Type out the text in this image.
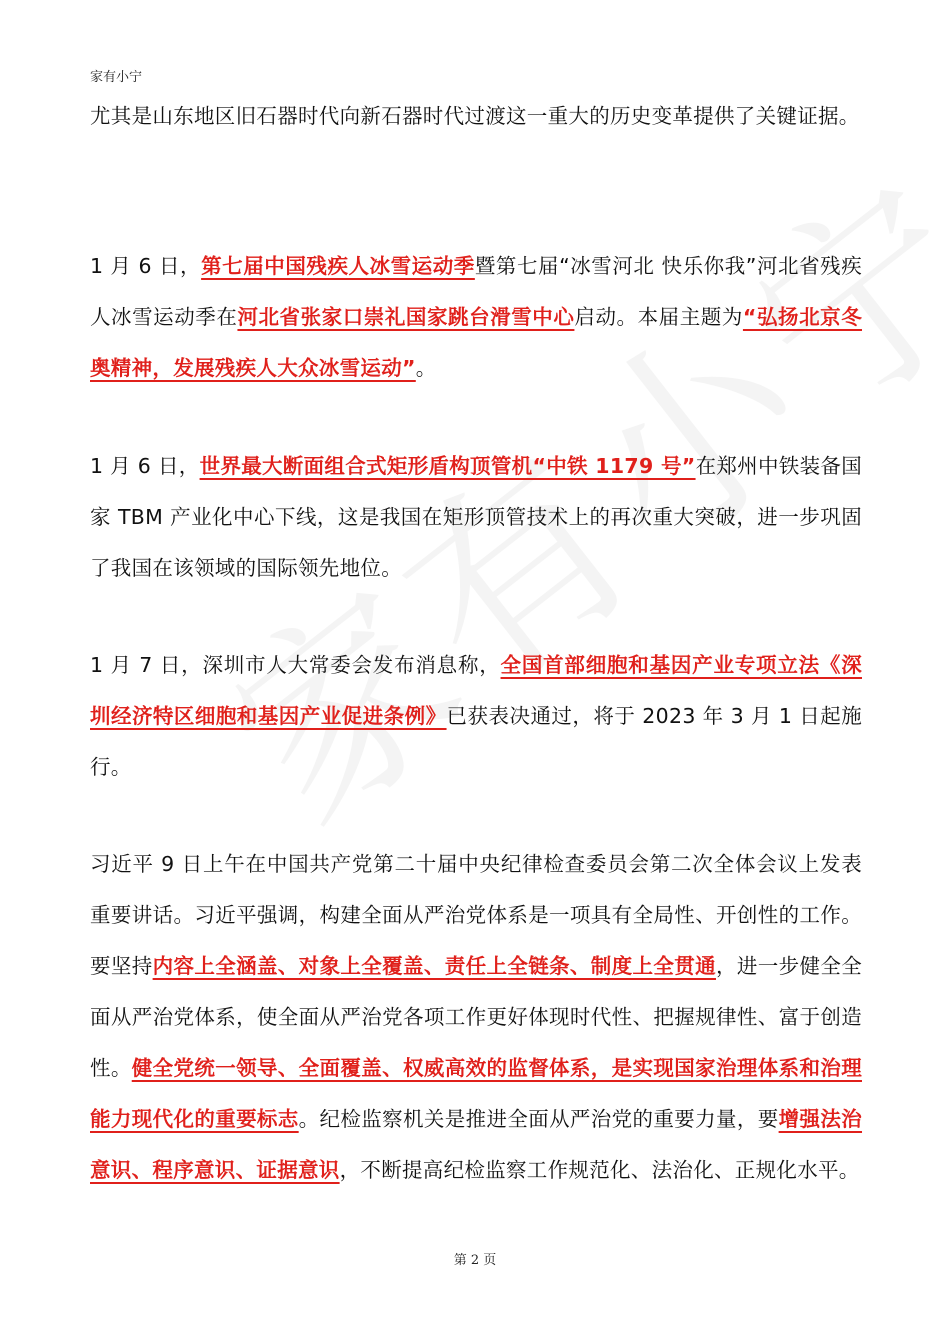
家有小宁

尤其是山东地区旧石器时代向新石器时代过渡这一重大的历史变革提供了关键证据。

1 月 6 日，第七届中国残疾人冰雪运动季暨第七届“冰雪河北 快乐你我”河北省残疾人冰雪运动季在河北省张家口崇礼国家跳台滑雪中心启动。本届主题为“弘扬北京冬奥精神，发展残疾人大众冰雪运动”。

1 月 6 日，世界最大断面组合式矩形盾构顶管机“中铁 1179 号”在郑州中铁装备国家 TBM 产业化中心下线，这是我国在矩形顶管技术上的再次重大突破，进一步巩固了我国在该领域的国际领先地位。

1 月 7 日，深圳市人大常委会发布消息称，全国首部细胞和基因产业专项立法《深圳经济特区细胞和基因产业促进条例》已获表决通过，将于 2023 年 3 月 1 日起施行。

习近平 9 日上午在中国共产党第二十届中央纪律检查委员会第二次全体会议上发表重要讲话。习近平强调，构建全面从严治党体系是一项具有全局性、开创性的工作。要坚持内容上全涵盖、对象上全覆盖、责任上全链条、制度上全贯通，进一步健全全面从严治党体系，使全面从严治党各项工作更好体现时代性、把握规律性、富于创造性。健全党统一领导、全面覆盖、权威高效的监督体系，是实现国家治理体系和治理能力现代化的重要标志。纪检监察机关是推进全面从严治党的重要力量，要增强法治意识、程序意识、证据意识，不断提高纪检监察工作规范化、法治化、正规化水平。

第 2 页
